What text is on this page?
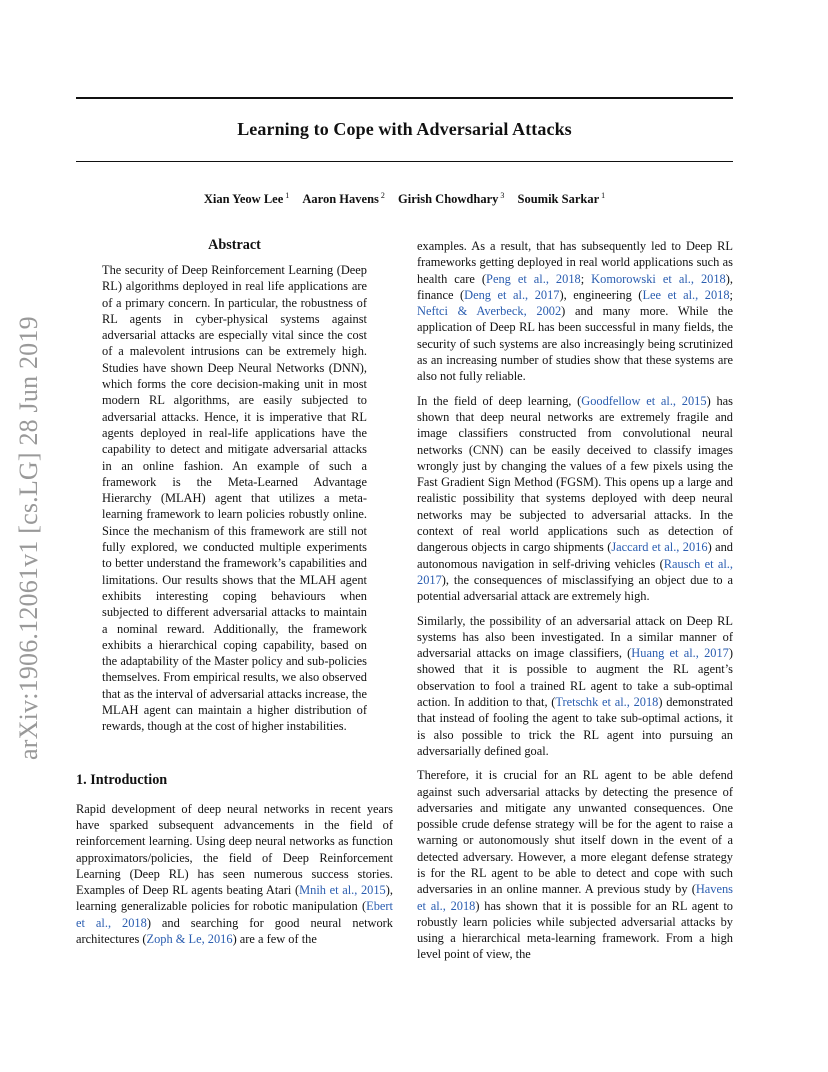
arXiv:1906.12061v1 [cs.LG] 28 Jun 2019
Learning to Cope with Adversarial Attacks
Xian Yeow Lee $^1$ Aaron Havens $^2$ Girish Chowdhary $^3$ Soumik Sarkar $^1$
Abstract
The security of Deep Reinforcement Learning (Deep RL) algorithms deployed in real life applications are of a primary concern. In particular, the robustness of RL agents in cyber-physical systems against adversarial attacks are especially vital since the cost of a malevolent intrusions can be extremely high. Studies have shown Deep Neural Networks (DNN), which forms the core decision-making unit in most modern RL algorithms, are easily subjected to adversarial attacks. Hence, it is imperative that RL agents deployed in real-life applications have the capability to detect and mitigate adversarial attacks in an online fashion. An example of such a framework is the Meta-Learned Advantage Hierarchy (MLAH) agent that utilizes a meta-learning framework to learn policies robustly online. Since the mechanism of this framework are still not fully explored, we conducted multiple experiments to better understand the framework’s capabilities and limitations. Our results shows that the MLAH agent exhibits interesting coping behaviours when subjected to different adversarial attacks to maintain a nominal reward. Additionally, the framework exhibits a hierarchical coping capability, based on the adaptability of the Master policy and sub-policies themselves. From empirical results, we also observed that as the interval of adversarial attacks increase, the MLAH agent can maintain a higher distribution of rewards, though at the cost of higher instabilities.
1. Introduction

Rapid development of deep neural networks in recent years have sparked subsequent advancements in the field of reinforcement learning. Using deep neural networks as function approximators/policies, the field of Deep Reinforcement Learning (Deep RL) has seen numerous success stories. Examples of Deep RL agents beating Atari (Mnih et al., 2015), learning generalizable policies for robotic manipulation (Ebert et al., 2018) and searching for good neural network architectures (Zoph & Le, 2016) are a few of the

examples. As a result, that has subsequently led to Deep RL frameworks getting deployed in real world applications such as health care (Peng et al., 2018; Komorowski et al., 2018), finance (Deng et al., 2017), engineering (Lee et al., 2018; Neftci & Averbeck, 2002) and many more. While the application of Deep RL has been successful in many fields, the security of such systems are also increasingly being scrutinized as an increasing number of studies show that these systems are also not fully reliable.

In the field of deep learning, (Goodfellow et al., 2015) has shown that deep neural networks are extremely fragile and image classifiers constructed from convolutional neural networks (CNN) can be easily deceived to classify images wrongly just by changing the values of a few pixels using the Fast Gradient Sign Method (FGSM). This opens up a large and realistic possibility that systems deployed with deep neural networks may be subjected to adversarial attacks. In the context of real world applications such as detection of dangerous objects in cargo shipments (Jaccard et al., 2016) and autonomous navigation in self-driving vehicles (Rausch et al., 2017), the consequences of misclassifying an object due to a potential adversarial attack are extremely high.

Similarly, the possibility of an adversarial attack on Deep RL systems has also been investigated. In a similar manner of adversarial attacks on image classifiers, (Huang et al., 2017) showed that it is possible to augment the RL agent’s observation to fool a trained RL agent to take a sub-optimal action. In addition to that, (Tretschk et al., 2018) demonstrated that instead of fooling the agent to take sub-optimal actions, it is also possible to trick the RL agent into pursuing an adversarially defined goal.

Therefore, it is crucial for an RL agent to be able defend against such adversarial attacks by detecting the presence of adversaries and mitigate any unwanted consequences. One possible crude defense strategy will be for the agent to raise a warning or autonomously shut itself down in the event of a detected adversary. However, a more elegant defense strategy is for the RL agent to be able to detect and cope with such adversaries in an online manner. A previous study by (Havens et al., 2018) has shown that it is possible for an RL agent to robustly learn policies while subjected adversarial attacks by using a hierarchical meta-learning framework. From a high level point of view, the
